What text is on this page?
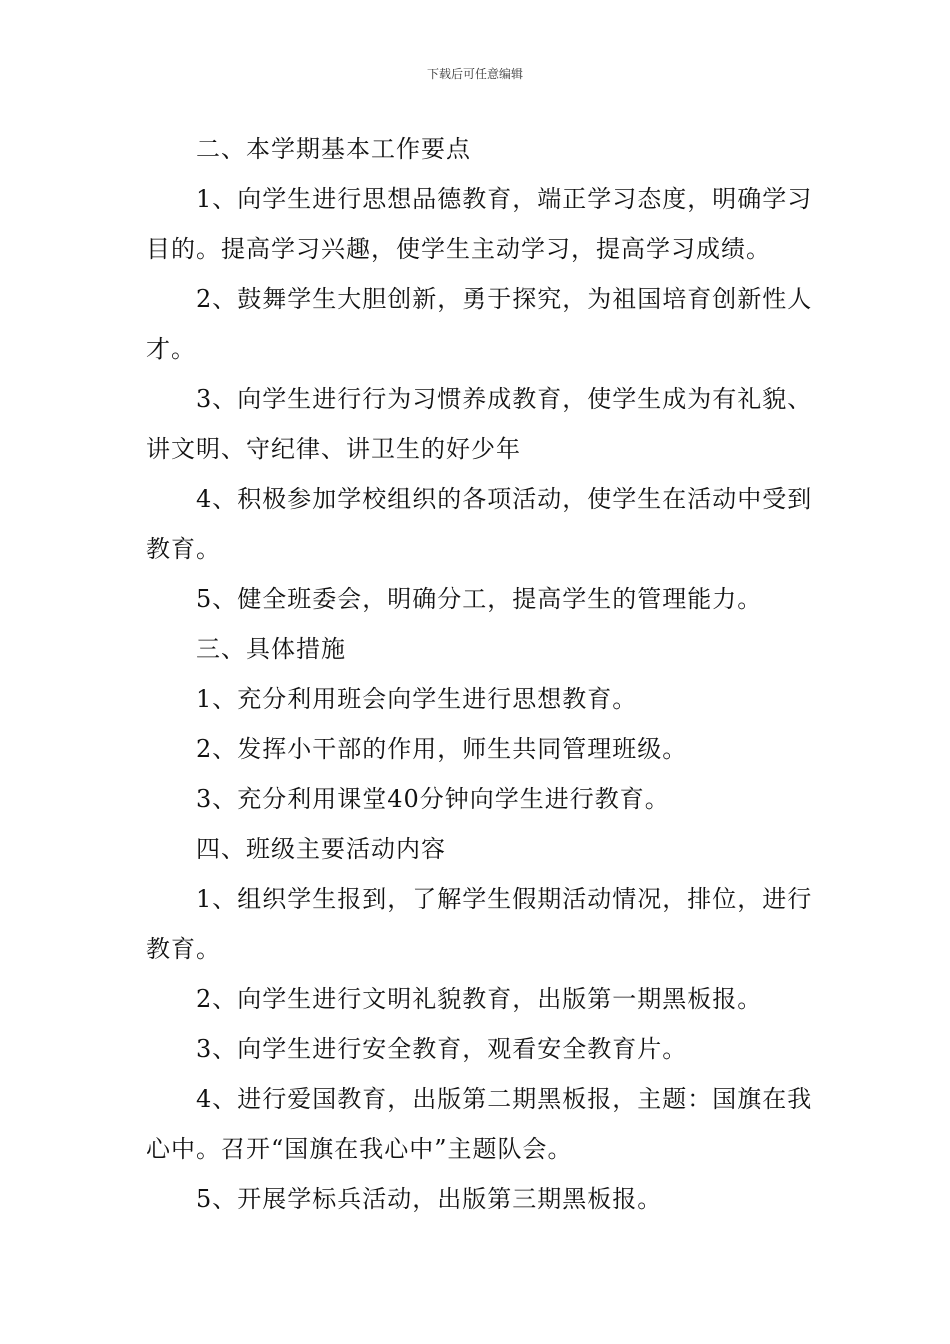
下载后可任意编辑

二、本学期基本工作要点

1、向学生进行思想品德教育，端正学习态度，明确学习目的。提高学习兴趣，使学生主动学习，提高学习成绩。

2、鼓舞学生大胆创新，勇于探究，为祖国培育创新性人才。

3、向学生进行行为习惯养成教育，使学生成为有礼貌、讲文明、守纪律、讲卫生的好少年

4、积极参加学校组织的各项活动，使学生在活动中受到教育。

5、健全班委会，明确分工，提高学生的管理能力。

三、具体措施

1、充分利用班会向学生进行思想教育。

2、发挥小干部的作用，师生共同管理班级。

3、充分利用课堂40分钟向学生进行教育。

四、班级主要活动内容

1、组织学生报到，了解学生假期活动情况，排位，进行教育。

2、向学生进行文明礼貌教育，出版第一期黑板报。

3、向学生进行安全教育，观看安全教育片。

4、进行爱国教育，出版第二期黑板报，主题：国旗在我心中。召开“国旗在我心中”主题队会。

5、开展学标兵活动，出版第三期黑板报。
